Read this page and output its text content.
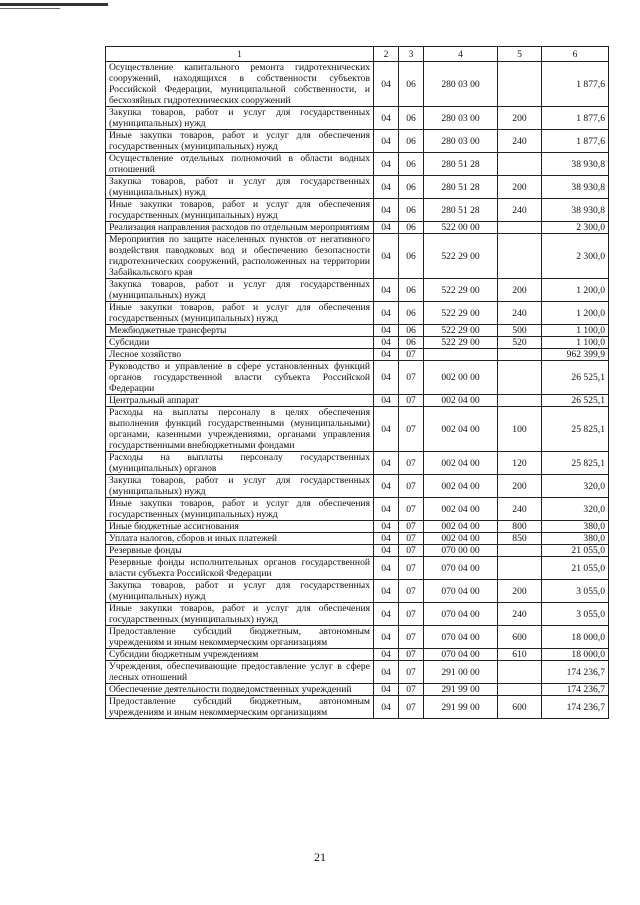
1	2	3	4	5	6
Осуществление капитального ремонта гидротехнических сооружений, находящихся в собственности субъектов Российской Федерации, муниципальной собственности, и бесхозяйных гидротехнических сооружений	04	06	280 03 00		1 877,6
Закупка товаров, работ и услуг для государственных (муниципальных) нужд	04	06	280 03 00	200	1 877,6
Иные закупки товаров, работ и услуг для обеспечения государственных (муниципальных) нужд	04	06	280 03 00	240	1 877,6
Осуществление отдельных полномочий в области водных отношений	04	06	280 51 28		38 930,8
Закупка товаров, работ и услуг для государственных (муниципальных) нужд	04	06	280 51 28	200	38 930,8
Иные закупки товаров, работ и услуг для обеспечения государственных (муниципальных) нужд	04	06	280 51 28	240	38 930,8
Реализация направления расходов по отдельным мероприятиям	04	06	522 00 00		2 300,0
Мероприятия по защите населенных пунктов от негативного воздействия паводковых вод и обеспечению безопасности гидротехнических сооружений, расположенных на территории Забайкальского края	04	06	522 29 00		2 300,0
Закупка товаров, работ и услуг для государственных (муниципальных) нужд	04	06	522 29 00	200	1 200,0
Иные закупки товаров, работ и услуг для обеспечения государственных (муниципальных) нужд	04	06	522 29 00	240	1 200,0
Межбюджетные трансферты	04	06	522 29 00	500	1 100,0
Субсидии	04	06	522 29 00	520	1 100,0
Лесное хозяйство	04	07			962 399,9
Руководство и управление в сфере установленных функций органов государственной власти субъекта Российской Федерации	04	07	002 00 00		26 525,1
Центральный аппарат	04	07	002 04 00		26 525,1
Расходы на выплаты персоналу в целях обеспечения выполнения функций государственными (муниципальными) органами, казенными учреждениями, органами управления государственными внебюджетными фондами	04	07	002 04 00	100	25 825,1
Расходы на выплаты персоналу государственных (муниципальных) органов	04	07	002 04 00	120	25 825,1
Закупка товаров, работ и услуг для государственных (муниципальных) нужд	04	07	002 04 00	200	320,0
Иные закупки товаров, работ и услуг для обеспечения государственных (муниципальных) нужд	04	07	002 04 00	240	320,0
Иные бюджетные ассигнования	04	07	002 04 00	800	380,0
Уплата налогов, сборов и иных платежей	04	07	002 04 00	850	380,0
Резервные фонды	04	07	070 00 00		21 055,0
Резервные фонды исполнительных органов государственной власти субъекта Российской Федерации	04	07	070 04 00		21 055,0
Закупка товаров, работ и услуг для государственных (муниципальных) нужд	04	07	070 04 00	200	3 055,0
Иные закупки товаров, работ и услуг для обеспечения государственных (муниципальных) нужд	04	07	070 04 00	240	3 055,0
Предоставление субсидий бюджетным, автономным учреждениям и иным некоммерческим организациям	04	07	070 04 00	600	18 000,0
Субсидии бюджетным учреждениям	04	07	070 04 00	610	18 000,0
Учреждения, обеспечивающие предоставление услуг в сфере лесных отношений	04	07	291 00 00		174 236,7
Обеспечение деятельности подведомственных учреждений	04	07	291 99 00		174 236,7
Предоставление субсидий бюджетным, автономным учреждениям и иным некоммерческим организациям	04	07	291 99 00	600	174 236,7
21
